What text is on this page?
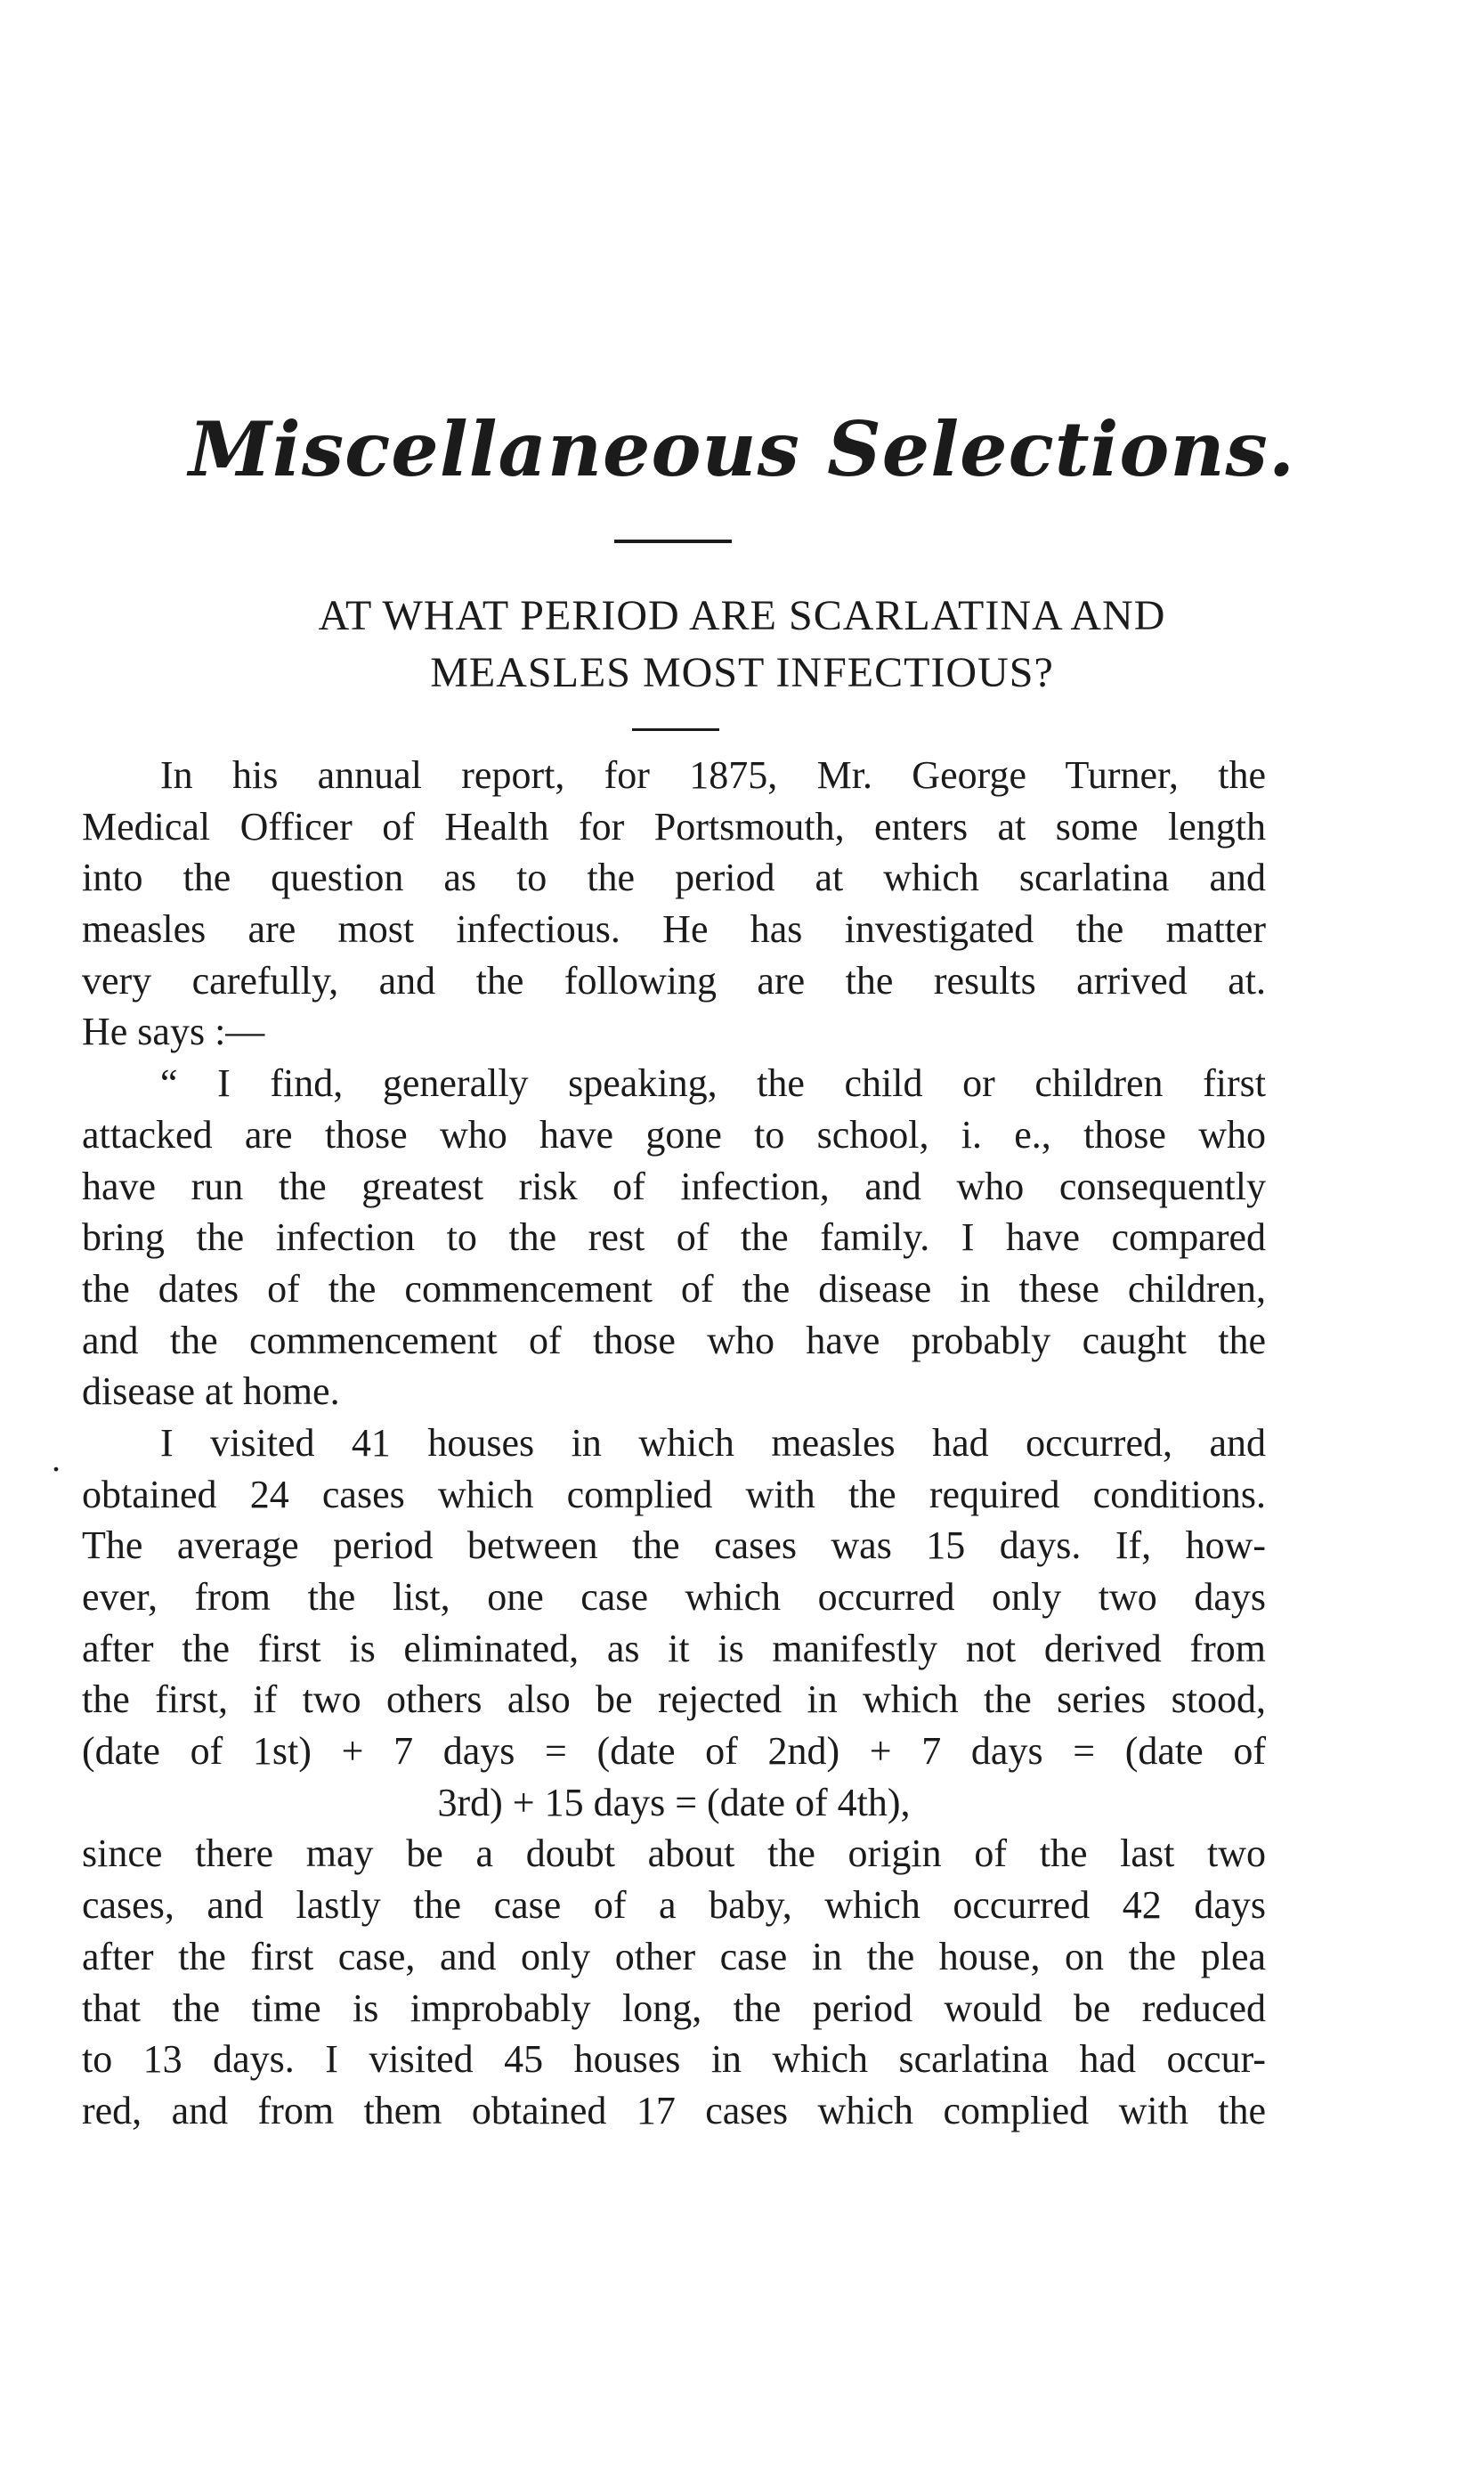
Miscellaneous Selections.
AT WHAT PERIOD ARE SCARLATINA AND
MEASLES MOST INFECTIOUS?
.
In his annual report, for 1875, Mr. George Turner, the
Medical Officer of Health for Portsmouth, enters at some length
into the question as to the period at which scarlatina and
measles are most infectious. He has investigated the matter
very carefully, and the following are the results arrived at.
He says :—
“ I find, generally speaking, the child or children first
attacked are those who have gone to school, i. e., those who
have run the greatest risk of infection, and who consequently
bring the infection to the rest of the family. I have compared
the dates of the commencement of the disease in these children,
and the commencement of those who have probably caught the
disease at home.
I visited 41 houses in which measles had occurred, and
obtained 24 cases which complied with the required conditions.
The average period between the cases was 15 days. If, how-
ever, from the list, one case which occurred only two days
after the first is eliminated, as it is manifestly not derived from
the first, if two others also be rejected in which the series stood,
(date of 1st) + 7 days = (date of 2nd) + 7 days = (date of
3rd) + 15 days = (date of 4th),
since there may be a doubt about the origin of the last two
cases, and lastly the case of a baby, which occurred 42 days
after the first case, and only other case in the house, on the plea
that the time is improbably long, the period would be reduced
to 13 days. I visited 45 houses in which scarlatina had occur-
red, and from them obtained 17 cases which complied with the
